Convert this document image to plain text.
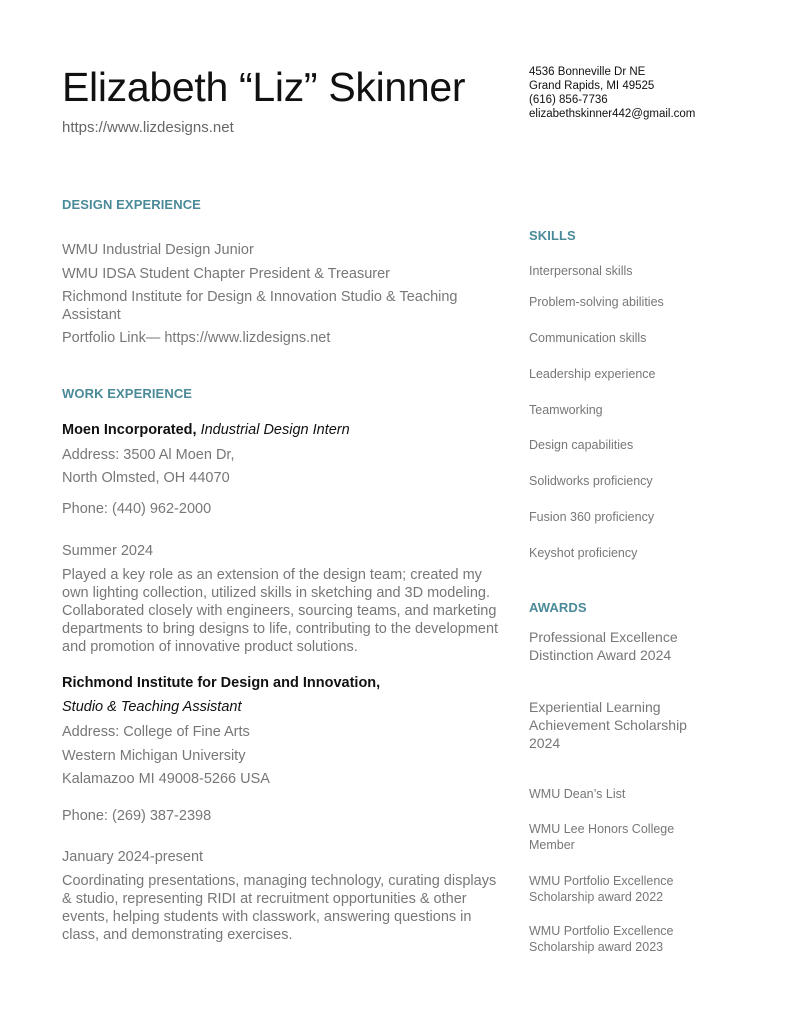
Elizabeth “Liz” Skinner
https://www.lizdesigns.net
4536 Bonneville Dr NE
Grand Rapids, MI 49525
(616) 856-7736
elizabethskinner442@gmail.com
DESIGN EXPERIENCE
WMU Industrial Design Junior
WMU IDSA Student Chapter President & Treasurer
Richmond Institute for Design & Innovation Studio & Teaching Assistant
Portfolio Link— https://www.lizdesigns.net
WORK EXPERIENCE
Moen Incorporated, Industrial Design Intern
Address: 3500 Al Moen Dr,
North Olmsted, OH 44070
Phone: (440) 962-2000
Summer 2024
Played a key role as an extension of the design team; created my own lighting collection, utilized skills in sketching and 3D modeling. Collaborated closely with engineers, sourcing teams, and marketing departments to bring designs to life, contributing to the development and promotion of innovative product solutions.
Richmond Institute for Design and Innovation,
Studio & Teaching Assistant
Address: College of Fine Arts
Western Michigan University
Kalamazoo MI 49008-5266 USA
Phone: (269) 387-2398
January 2024-present
Coordinating presentations, managing technology, curating displays & studio, representing RIDI at recruitment opportunities & other events, helping students with classwork, answering questions in class, and demonstrating exercises.
SKILLS
Interpersonal skills
Problem-solving abilities
Communication skills
Leadership experience
Teamworking
Design capabilities
Solidworks proficiency
Fusion 360 proficiency
Keyshot proficiency
AWARDS
Professional Excellence Distinction Award 2024
Experiential Learning Achievement Scholarship 2024
WMU Dean’s List
WMU Lee Honors College Member
WMU Portfolio Excellence Scholarship award 2022
WMU Portfolio Excellence Scholarship award 2023
